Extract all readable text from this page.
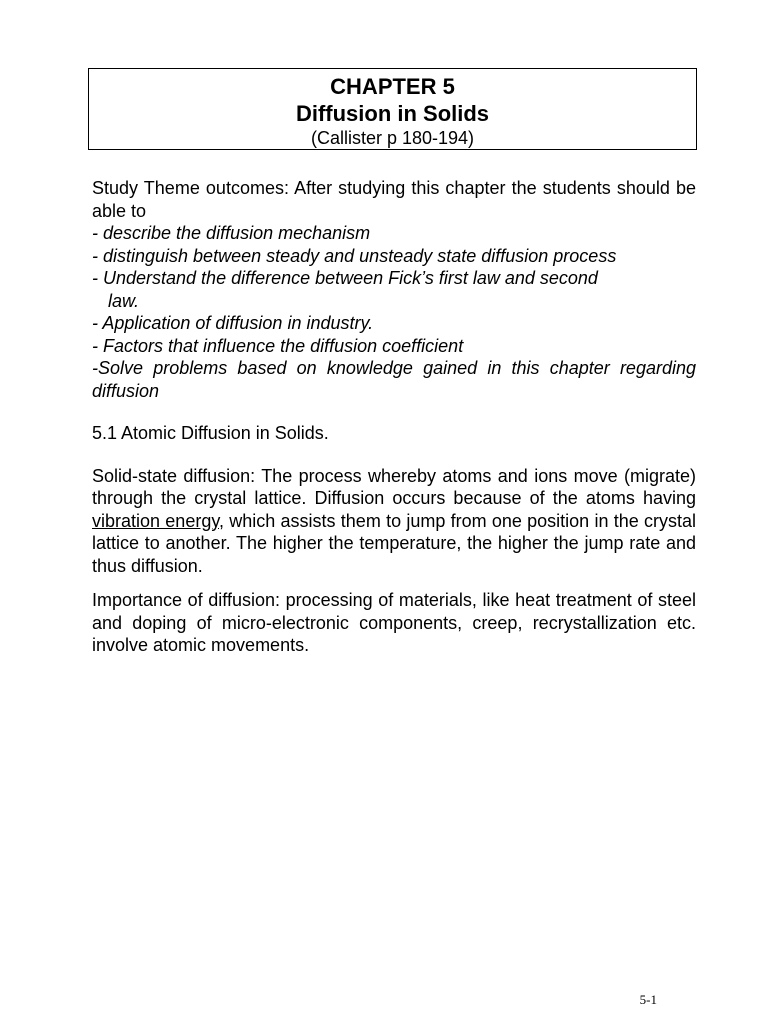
CHAPTER 5
Diffusion in Solids
(Callister p 180-194)
Study Theme outcomes: After studying this chapter the students should be able to
- describe the diffusion mechanism
- distinguish between steady and unsteady state diffusion process
- Understand the difference between Fick’s first law and second
law.
- Application of diffusion in industry.
- Factors that influence the diffusion coefficient
-Solve problems based on knowledge gained in this chapter regarding diffusion
5.1 Atomic Diffusion in Solids.
Solid-state diffusion: The process whereby atoms and ions move (migrate) through the crystal lattice. Diffusion occurs because of the atoms having vibration energy, which assists them to jump from one position in the crystal lattice to another. The higher the temperature, the higher the jump rate and thus diffusion.
Importance of diffusion: processing of materials, like heat treatment of steel and doping of micro-electronic components, creep, recrystallization etc. involve atomic movements.
5-1
